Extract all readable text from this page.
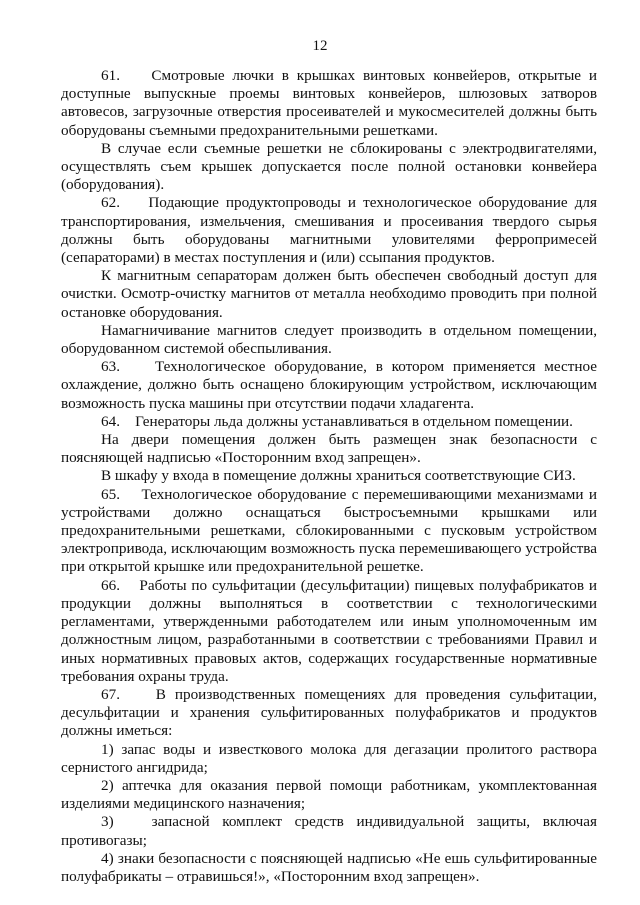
12

61.    Смотровые лючки в крышках винтовых конвейеров, открытые и доступные выпускные проемы винтовых конвейеров, шлюзовых затворов автовесов, загрузочные отверстия просеивателей и мукосмесителей должны быть оборудованы съемными предохранительными решетками.

В случае если съемные решетки не сблокированы с электродвигателями, осуществлять съем крышек допускается после полной остановки конвейера (оборудования).

62.    Подающие продуктопроводы и технологическое оборудование для транспортирования, измельчения, смешивания и просеивания твердого сырья должны быть оборудованы магнитными уловителями ферропримесей (сепараторами) в местах поступления и (или) ссыпания продуктов.

К магнитным сепараторам должен быть обеспечен свободный доступ для очистки. Осмотр-очистку магнитов от металла необходимо проводить при полной остановке оборудования.

Намагничивание магнитов следует производить в отдельном помещении, оборудованном системой обеспыливания.

63.    Технологическое оборудование, в котором применяется местное охлаждение, должно быть оснащено блокирующим устройством, исключающим возможность пуска машины при отсутствии подачи хладагента.

64.    Генераторы льда должны устанавливаться в отдельном помещении.

На двери помещения должен быть размещен знак безопасности с поясняющей надписью «Посторонним вход запрещен».

В шкафу у входа в помещение должны храниться соответствующие СИЗ.

65.    Технологическое оборудование с перемешивающими механизмами и устройствами должно оснащаться быстросъемными крышками или предохранительными решетками, сблокированными с пусковым устройством электропривода, исключающим возможность пуска перемешивающего устройства при открытой крышке или предохранительной решетке.

66.    Работы по сульфитации (десульфитации) пищевых полуфабрикатов и продукции должны выполняться в соответствии с технологическими регламентами, утвержденными работодателем или иным уполномоченным им должностным лицом, разработанными в соответствии с требованиями Правил и иных нормативных правовых актов, содержащих государственные нормативные требования охраны труда.

67.    В производственных помещениях для проведения сульфитации, десульфитации и хранения сульфитированных полуфабрикатов и продуктов должны иметься:

1) запас воды и известкового молока для дегазации пролитого раствора сернистого ангидрида;

2) аптечка для оказания первой помощи работникам, укомплектованная изделиями медицинского назначения;

3)   запасной комплект средств индивидуальной защиты, включая противогазы;

4) знаки безопасности с поясняющей надписью «Не ешь сульфитированные полуфабрикаты – отравишься!», «Посторонним вход запрещен».
